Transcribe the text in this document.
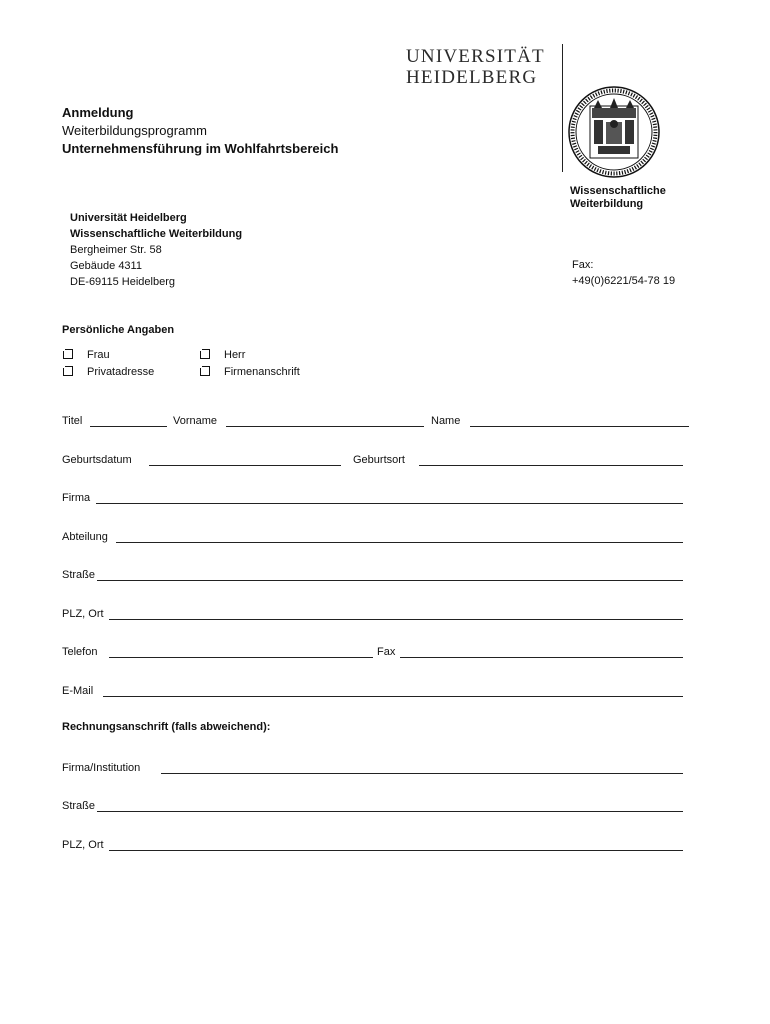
UNIVERSITÄT
HEIDELBERG
Wissenschaftliche
Weiterbildung
Anmeldung
Weiterbildungsprogramm
Unternehmensführung im Wohlfahrtsbereich
Universität Heidelberg
Wissenschaftliche Weiterbildung
Bergheimer Str. 58
Gebäude 4311
DE-69115 Heidelberg
Fax:
+49(0)6221/54-78 19
Persönliche Angaben
Frau	Herr
Privatadresse	Firmenanschrift
Titel	Vorname	Name
Geburtsdatum	Geburtsort
Firma
Abteilung
Straße
PLZ, Ort
Telefon	Fax
E-Mail
Rechnungsanschrift (falls abweichend):
Firma/Institution
Straße
PLZ, Ort
